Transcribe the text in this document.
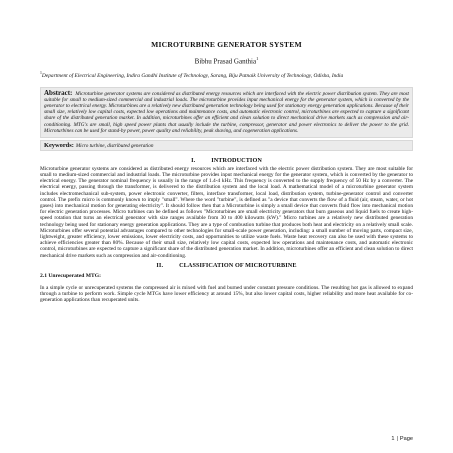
MICROTURBINE GENERATOR SYSTEM
Bibhu Prasad Ganthia$^1$
$^1$Department of Electrical Engineering, Indira Gandhi Institute of Technology, Sarang, Biju Patnaik University of Technology, Odisha, India

Abstract: Microturbine generator systems are considered as distributed energy resources which are interfaced with the electric power distribution system. They are most suitable for small to medium-sized commercial and industrial loads. The microturbine provides input mechanical energy for the generator system, which is converted by the generator to electrical energy. Microturbines are a relatively new distributed generation technology being used for stationary energy generation applications. Because of their small size, relatively low capital costs, expected low operations and maintenance costs, and automatic electronic control, microturbines are expected to capture a significant share of the distributed generation market. In addition, microturbines offer an efficient and clean solution to direct mechanical drive markets such as compression and air-conditioning. MTG's are small, high speed power plants that usually include the turbine, compressor, generator and power electronics to deliver the power to the grid. Microturbines can be used for stand-by power, power quality and reliability, peak shaving, and cogeneration applications.

Keywords: Micro turbine, distributed generation
I.	INTRODUCTION

Microturbine generator systems are considered as distributed energy resources which are interfaced with the electric power distribution system. They are most suitable for small to medium-sized commercial and industrial loads. The microturbine provides input mechanical energy for the generator system, which is converted by the generator to electrical energy. The generator nominal frequency is usually in the range of 1.4-4 kHz. This frequency is converted to the supply frequency of 50 Hz by a converter. The electrical energy, passing through the transformer, is delivered to the distribution system and the local load. A mathematical model of a microturbine generator system includes electromechanical sub-system, power electronic converter, filters, interface transformer, local load, distribution system, turbine-generator control and converter control. The prefix micro is commonly known to imply "small". Where the word "turbine", is defined as "a device that converts the flow of a fluid (air, steam, water, or hot gases) into mechanical motion for generating electricity". It should follow then that a Microturbine is simply a small device that converts fluid flow into mechanical motion for electric generation processes. Micro turbines can be defined as follows "Microturbines are small electricity generators that burn gaseous and liquid fuels to create high-speed rotation that turns an electrical generator with size ranges available from 30 to 400 kilowatts (kW)." Micro turbines are a relatively new distributed generation technology being used for stationary energy generation applications. They are a type of combustion turbine that produces both heat and electricity on a relatively small scale. Microturbines offer several potential advantages compared to other technologies for small-scale power generation, including: a small number of moving parts, compact size, lightweight, greater efficiency, lower emissions, lower electricity costs, and opportunities to utilize waste fuels. Waste heat recovery can also be used with these systems to achieve efficiencies greater than 80%. Because of their small size, relatively low capital costs, expected low operations and maintenance costs, and automatic electronic control, microturbines are expected to capture a significant share of the distributed generation market. In addition, microturbines offer an efficient and clean solution to direct mechanical drive markets such as compression and air-conditioning.

II.	CLASSIFICATION OF MICROTURBINE
2.1 Unrecuperated MTG:

In a simple cycle or unrecuperated systems the compressed air is mixed with fuel and burned under constant pressure conditions. The resulting hot gas is allowed to expand through a turbine to perform work. Simple cycle MTGs have lower efficiency at around 15%, but also lower capital costs, higher reliability and more heat available for co-generation applications than recuperated units.

1 | Page
